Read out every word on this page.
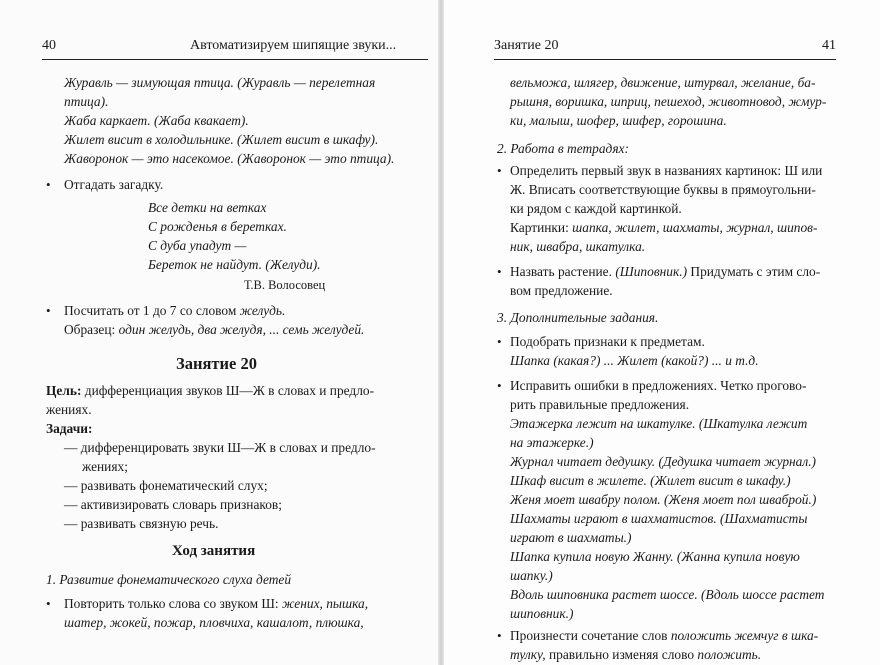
40	Автоматизируем шипящие звуки...
Журавль — зимующая птица. (Журавль — перелетная
птица).
Жаба каркает. (Жаба квакает).
Жилет висит в холодильнике. (Жилет висит в шкафу).
Жаворонок — это насекомое. (Жаворонок — это птица).
• Отгадать загадку.
Все детки на ветках
С рожденья в беретках.
С дуба упадут —
Береток не найдут. (Желуди).
Т.В. Волосовец
• Посчитать от 1 до 7 со словом желудь.
Образец: один желудь, два желудя, ... семь желудей.
Занятие 20
Цель: дифференциация звуков Ш—Ж в словах и предло-
жениях.
Задачи:
— дифференцировать звуки Ш—Ж в словах и предло-
жениях;
— развивать фонематический слух;
— активизировать словарь признаков;
— развивать связную речь.
Ход занятия
1. Развитие фонематического слуха детей
• Повторить только слова со звуком Ш: жених, пышка,
шатер, жокей, пожар, пловчиха, кашалот, плюшка,
Занятие 20	41
вельможа, шлягер, движение, штурвал, желание, ба-
рышня, воришка, шприц, пешеход, животновод, жмур-
ки, малыш, шофер, шифер, горошина.
2. Работа в тетрадях:
• Определить первый звук в названиях картинок: Ш или
Ж. Вписать соответствующие буквы в прямоугольни-
ки рядом с каждой картинкой.
Картинки: шапка, жилет, шахматы, журнал, шипов-
ник, швабра, шкатулка.
• Назвать растение. (Шиповник.) Придумать с этим сло-
вом предложение.
3. Дополнительные задания.
• Подобрать признаки к предметам.
Шапка (какая?) ... Жилет (какой?) ... и т.д.
• Исправить ошибки в предложениях. Четко прогово-
рить правильные предложения.
Этажерка лежит на шкатулке. (Шкатулка лежит
на этажерке.)
Журнал читает дедушку. (Дедушка читает журнал.)
Шкаф висит в жилете. (Жилет висит в шкафу.)
Женя моет швабру полом. (Женя моет пол шваброй.)
Шахматы играют в шахматистов. (Шахматисты
играют в шахматы.)
Шапка купила новую Жанну. (Жанна купила новую
шапку.)
Вдоль шиповника растет шоссе. (Вдоль шоссе растет
шиповник.)
• Произнести сочетание слов положить жемчуг в шка-
тулку, правильно изменяя слово положить.
